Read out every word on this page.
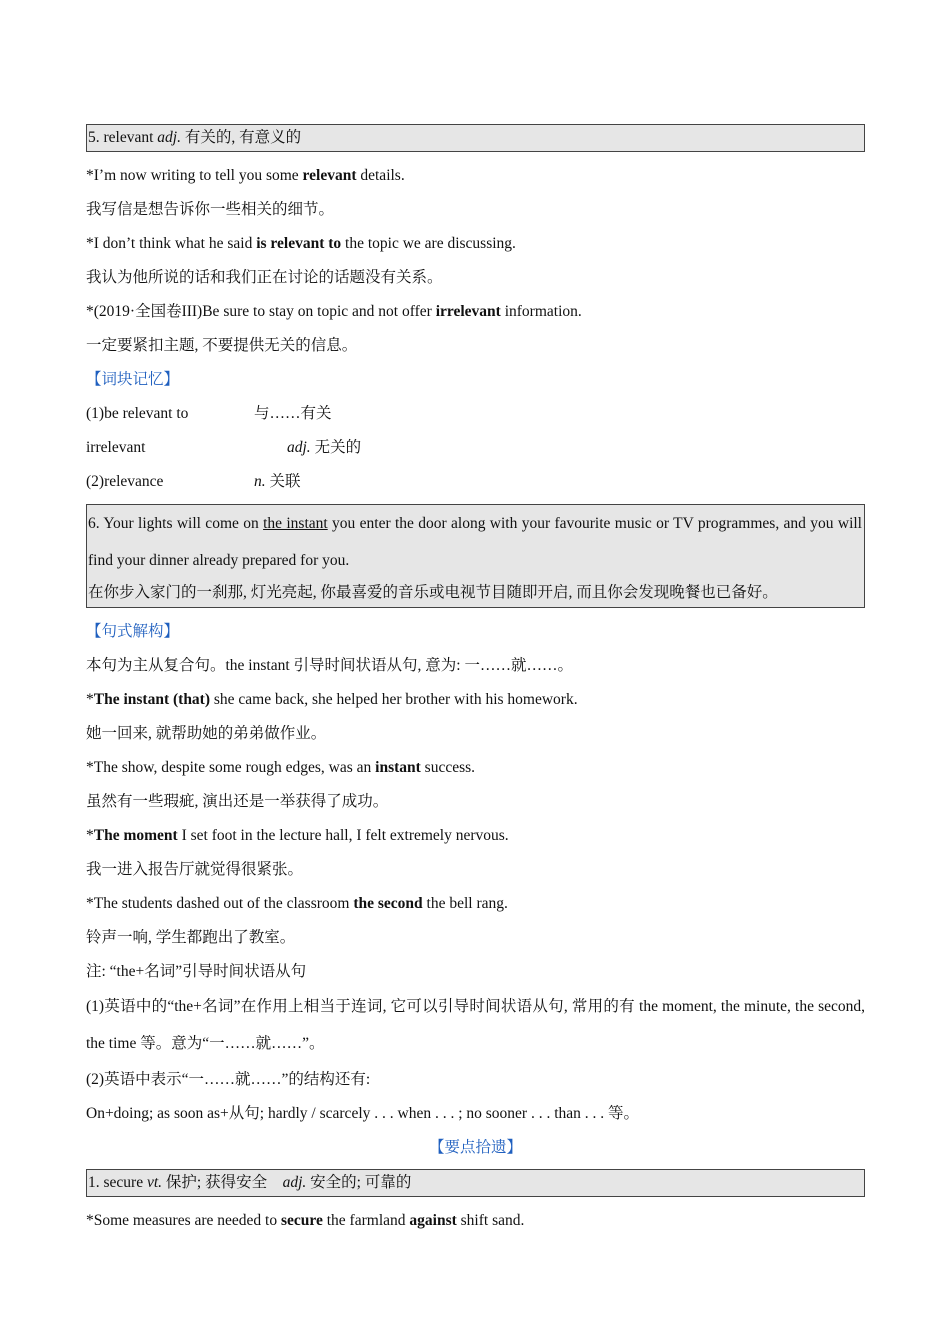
5. relevant adj. 有关的, 有意义的
*I’m now writing to tell you some relevant details.
我写信是想告诉你一些相关的细节。
*I don’t think what he said is relevant to the topic we are discussing.
我认为他所说的话和我们正在讨论的话题没有关系。
*(2019·全国卷III)Be sure to stay on topic and not offer irrelevant information.
一定要紧扣主题, 不要提供无关的信息。
【词块记忆】
(1)be relevant to	与……有关
irrelevant	adj. 无关的
(2)relevance	n. 关联
6. Your lights will come on the instant you enter the door along with your favourite music or TV programmes, and you will find your dinner already prepared for you.
在你步入家门的一刹那, 灯光亮起, 你最喜爱的音乐或电视节目随即开启, 而且你会发现晚餐也已备好。
【句式解构】
本句为主从复合句。the instant 引导时间状语从句, 意为: 一……就……。
*The instant (that) she came back, she helped her brother with his homework.
她一回来, 就帮助她的弟弟做作业。
*The show, despite some rough edges, was an instant success.
虽然有一些瑕疵, 演出还是一举获得了成功。
*The moment I set foot in the lecture hall, I felt extremely nervous.
我一进入报告厅就觉得很紧张。
*The students dashed out of the classroom the second the bell rang.
铃声一响, 学生都跑出了教室。
注: “the+名词”引导时间状语从句
(1)英语中的“the+名词”在作用上相当于连词, 它可以引导时间状语从句, 常用的有 the moment, the minute, the second, the time 等。意为“一……就……”。
(2)英语中表示“一……就……”的结构还有:
On+doing; as soon as+从句; hardly / scarcely . . . when . . . ; no sooner . . . than . . . 等。
【要点拾遗】
1. secure vt. 保护; 获得安全　adj. 安全的; 可靠的
*Some measures are needed to secure the farmland against shift sand.
